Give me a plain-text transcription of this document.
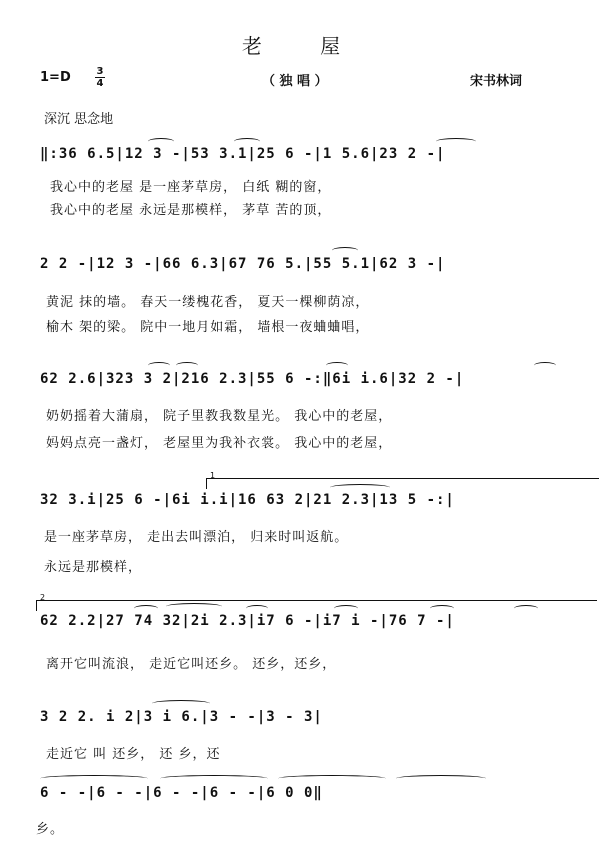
老 屋
1=D	3
4	（ 独 唱 ）	宋书林词
深沉 思念地
‖:36 6.5|12 3 -|53 3.1|25 6 -|1 5.6|23 2 -|
我心中的老屋 是一座茅草房， 白纸 糊的窗，
我心中的老屋 永远是那模样， 茅草 苦的顶，
2 2 -|12 3 -|66 6.3|67 76 5.|55 5.1|62 3 -|
黄泥 抹的墙。 春天一缕槐花香， 夏天一棵柳荫凉，
榆木 架的梁。 院中一地月如霜， 墙根一夜蛐蛐唱，
62 2.6|323 3 2|216 2.3|55 6 -:‖6i i.6|32 2 -|
奶奶摇着大蒲扇， 院子里教我数星光。 我心中的老屋，
妈妈点亮一盏灯， 老屋里为我补衣裳。 我心中的老屋，
1
32 3.i|25 6 -|6i i.i|16 63 2|21 2.3|13 5 -:|
是一座茅草房， 走出去叫漂泊， 归来时叫返航。
永远是那模样，
2
62 2.2|27 74 32|2i 2.3|i7 6 -|i7 i -|76 7 -|
离开它叫流浪， 走近它叫还乡。 还乡，还乡，
3 2 2. i 2|3 i 6.|3 - -|3 - 3|
走近它 叫 还乡， 还 乡，还
6 - -|6 - -|6 - -|6 - -|6 0 0‖
乡。
